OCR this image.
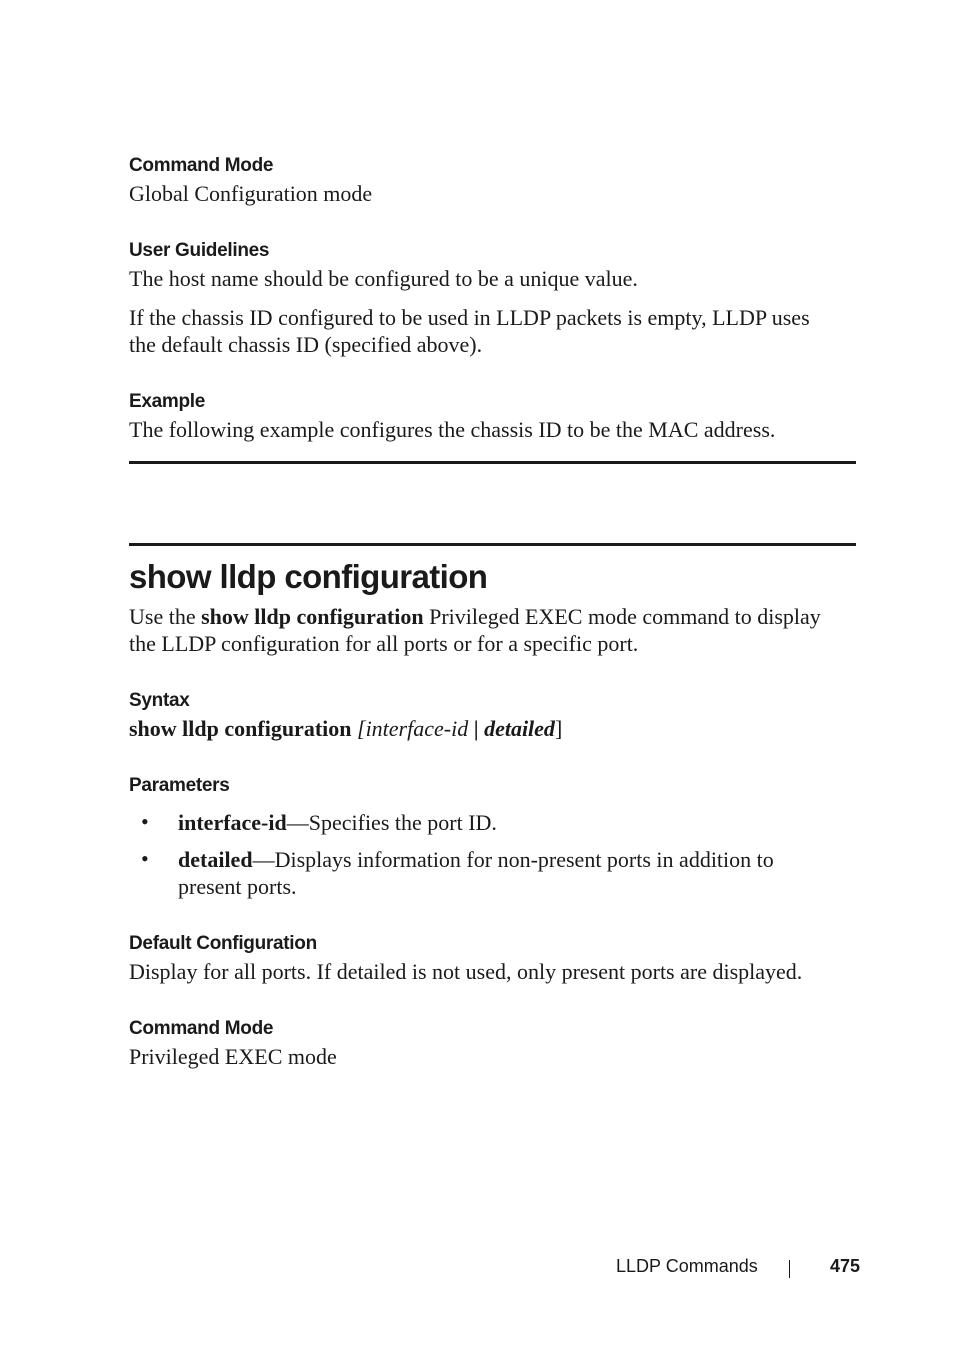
Command Mode
Global Configuration mode
User Guidelines
The host name should be configured to be a unique value.
If the chassis ID configured to be used in LLDP packets is empty, LLDP uses
the default chassis ID (specified above).
Example
The following example configures the chassis ID to be the MAC address.
show lldp configuration
Use the show lldp configuration Privileged EXEC mode command to display
the LLDP configuration for all ports or for a specific port.
Syntax
show lldp configuration [interface-id | detailed]
Parameters
• interface-id—Specifies the port ID.
• detailed—Displays information for non-present ports in addition to
present ports.
Default Configuration
Display for all ports. If detailed is not used, only present ports are displayed.
Command Mode
Privileged EXEC mode
LLDP Commands	475
